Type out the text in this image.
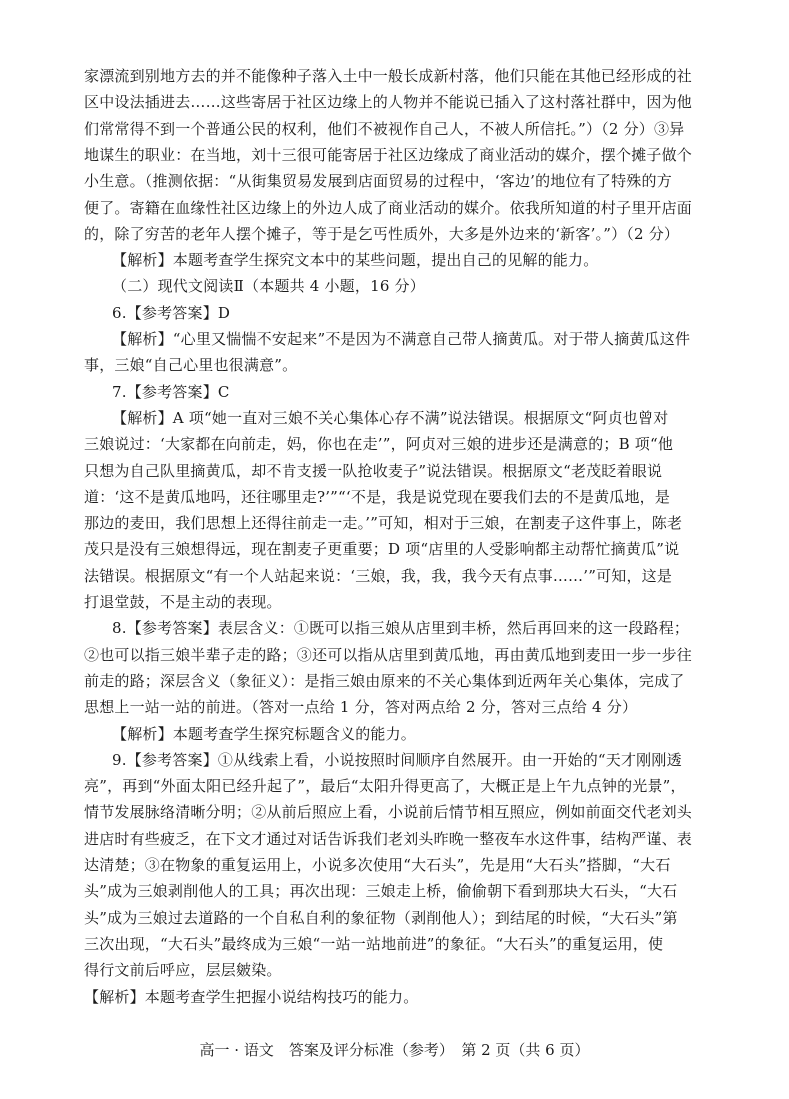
家漂流到别地方去的并不能像种子落入土中一般长成新村落，他们只能在其他已经形成的社
区中设法插进去……这些寄居于社区边缘上的人物并不能说已插入了这村落社群中，因为他
们常常得不到一个普通公民的权利，他们不被视作自己人，不被人所信托。”）（2 分）③异
地谋生的职业：在当地，刘十三很可能寄居于社区边缘成了商业活动的媒介，摆个摊子做个
小生意。（推测依据：“从街集贸易发展到店面贸易的过程中，‘客边’的地位有了特殊的方
便了。寄籍在血缘性社区边缘上的外边人成了商业活动的媒介。依我所知道的村子里开店面
的，除了穷苦的老年人摆个摊子，等于是乞丐性质外，大多是外边来的‘新客’。”）（2 分）
【解析】本题考查学生探究文本中的某些问题，提出自己的见解的能力。
（二）现代文阅读Ⅱ（本题共 4 小题，16 分）
6.【参考答案】D
【解析】“心里又惴惴不安起来”不是因为不满意自己带人摘黄瓜。对于带人摘黄瓜这件
事，三娘“自己心里也很满意”。
7.【参考答案】C
【解析】A 项“她一直对三娘不关心集体心存不满”说法错误。根据原文“阿贞也曾对
三娘说过：‘大家都在向前走，妈，你也在走’”，阿贞对三娘的进步还是满意的；B 项“他
只想为自己队里摘黄瓜，却不肯支援一队抢收麦子”说法错误。根据原文“老茂眨着眼说
道：‘这不是黄瓜地吗，还往哪里走?’”“‘不是，我是说党现在要我们去的不是黄瓜地，是
那边的麦田，我们思想上还得往前走一走。’”可知，相对于三娘，在割麦子这件事上，陈老
茂只是没有三娘想得远，现在割麦子更重要；D 项“店里的人受影响都主动帮忙摘黄瓜”说
法错误。根据原文“有一个人站起来说：‘三娘，我，我，我今天有点事……’”可知，这是
打退堂鼓，不是主动的表现。
8.【参考答案】表层含义：①既可以指三娘从店里到丰桥，然后再回来的这一段路程；
②也可以指三娘半辈子走的路；③还可以指从店里到黄瓜地，再由黄瓜地到麦田一步一步往
前走的路；深层含义（象征义）：是指三娘由原来的不关心集体到近两年关心集体，完成了
思想上一站一站的前进。（答对一点给 1 分，答对两点给 2 分，答对三点给 4 分）
【解析】本题考查学生探究标题含义的能力。
9.【参考答案】①从线索上看，小说按照时间顺序自然展开。由一开始的“天才刚刚透
亮”，再到“外面太阳已经升起了”，最后“太阳升得更高了，大概正是上午九点钟的光景”，
情节发展脉络清晰分明；②从前后照应上看，小说前后情节相互照应，例如前面交代老刘头
进店时有些疲乏，在下文才通过对话告诉我们老刘头昨晚一整夜车水这件事，结构严谨、表
达清楚；③在物象的重复运用上，小说多次使用“大石头”，先是用“大石头”搭脚，“大石
头”成为三娘剥削他人的工具；再次出现：三娘走上桥，偷偷朝下看到那块大石头，“大石
头”成为三娘过去道路的一个自私自利的象征物（剥削他人）；到结尾的时候，“大石头”第
三次出现，“大石头”最终成为三娘“一站一站地前进”的象征。“大石头”的重复运用，使
得行文前后呼应，层层皴染。
【解析】本题考查学生把握小说结构技巧的能力。
高一 · 语文　答案及评分标准（参考）　第 2 页（共 6 页）
